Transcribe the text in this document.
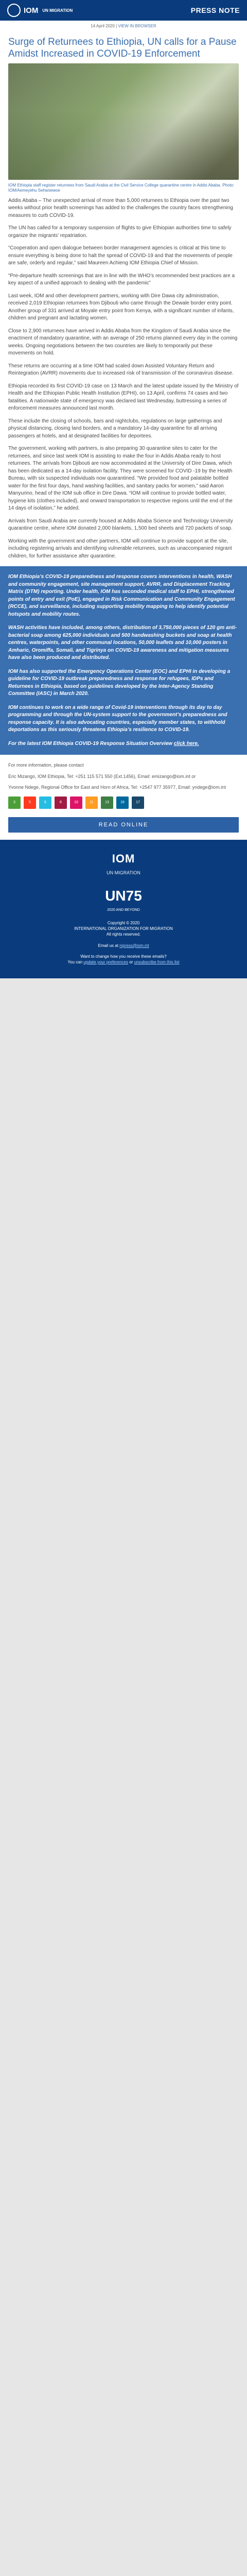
IOM UN MIGRATION	PRESS NOTE
14 April 2020 | VIEW IN BROWSER
Surge of Returnees to Ethiopia, UN calls for a Pause Amidst Increased in COVID-19 Enforcement
IOM Ethiopia staff register returnees from Saudi Arabia at the Civil Service College quarantine centre in Addis Ababa. Photo: IOM/Aemeyehu Sehwsewoe

Addis Ababa – The unexpected arrival of more than 5,000 returnees to Ethiopia over the past two weeks without prior health screenings has added to the challenges the country faces strengthening measures to curb COVID-19.

The UN has called for a temporary suspension of flights to give Ethiopian authorities time to safely organize the migrants' repatriation.

“Cooperation and open dialogue between border management agencies is critical at this time to ensure everything is being done to halt the spread of COVID-19 and that the movements of people are safe, orderly and regular,” said Maureen Achieng IOM Ethiopia Chief of Mission.

“Pre-departure health screenings that are in line with the WHO’s recommended best practices are a key aspect of a unified approach to dealing with the pandemic”

Last week, IOM and other development partners, working with Dire Dawa city administration, received 2,019 Ethiopian returnees from Djibouti who came through the Dewale border entry point. Another group of 331 arrived at Moyale entry point from Kenya, with a significant number of infants, children and pregnant and lactating women.

Close to 2,900 returnees have arrived in Addis Ababa from the Kingdom of Saudi Arabia since the enactment of mandatory quarantine, with an average of 250 returns planned every day in the coming weeks. Ongoing negotiations between the two countries are likely to temporarily put these movements on hold.

These returns are occurring at a time IOM had scaled down Assisted Voluntary Return and Reintegration (AVRR) movements due to increased risk of transmission of the coronavirus disease.

Ethiopia recorded its first COVID-19 case on 13 March and the latest update issued by the Ministry of Health and the Ethiopian Public Health Institution (EPHI), on 13 April, confirms 74 cases and two fatalities. A nationwide state of emergency was declared last Wednesday, buttressing a series of enforcement measures announced last month.

These include the closing of schools, bars and nightclubs, regulations on large gatherings and physical distancing, closing land borders, and a mandatory 14-day quarantine for all arriving passengers at hotels, and at designated facilities for deportees.

The government, working with partners, is also preparing 30 quarantine sites to cater for the returnees, and since last week IOM is assisting to make the four in Addis Ababa ready to host returnees. The arrivals from Djibouti are now accommodated at the University of Dire Dawa, which has been dedicated as a 14-day isolation facility. They were screened for COVID -19 by the Health Bureau, with six suspected individuals now quarantined. “We provided food and palatable bottled water for the first four days, hand washing facilities, and sanitary packs for women,” said Aaron Manyurino, head of the IOM sub office in Dire Dawa. “IOM will continue to provide bottled water, hygiene kits (clothes included), and onward transportation to respective regions until the end of the 14 days of isolation,” he added.

Arrivals from Saudi Arabia are currently housed at Addis Ababa Science and Technology University quarantine centre, where IOM donated 2,000 blankets, 1,500 bed sheets and 720 packets of soap.

Working with the government and other partners, IOM will continue to provide support at the site, including registering arrivals and identifying vulnerable returnees, such as unaccompanied migrant children, for further assistance after quarantine.

IOM Ethiopia’s COVID-19 preparedness and response covers interventions in health, WASH and community engagement, site management support, AVRR, and Displacement Tracking Matrix (DTM) reporting. Under health, IOM has seconded medical staff to EPHI, strengthened points of entry and exit (PoE), engaged in Risk Communication and Community Engagement (RCCE), and surveillance, including supporting mobility mapping to help identify potential hotspots and mobility routes.

WASH activities have included, among others, distribution of 3,750,000 pieces of 120 gm anti-bacterial soap among 625,000 individuals and 500 handwashing buckets and soap at health centres, waterpoints, and other communal locations, 50,000 leaflets and 10,000 posters in Amharic, Oromiffa, Somali, and Tigrinya on COVID-19 awareness and mitigation measures have also been produced and distributed.

IOM has also supported the Emergency Operations Center (EOC) and EPHI in developing a guideline for COVID-19 outbreak preparedness and response for refugees, IDPs and Returnees in Ethiopia, based on guidelines developed by the Inter-Agency Standing Committee (IASC) in March 2020.

IOM continues to work on a wide range of Covid-19 interventions through its day to day programming and through the UN-system support to the government’s preparedness and response capacity. It is also advocating countries, especially member states, to withhold deportations as this seriously threatens Ethiopia’s resilience to COVID-19.

For the latest IOM Ethiopia COVID-19 Response Situation Overview click here.

For more information, please contact
Eric Mizango, IOM Ethiopia, Tel: +251 115 571 550 (Ext.1456), Email: emizango@iom.int or
Yvonne Ndege, Regional Office for East and Horn of Africa, Tel: +2547 977 35977, Email: yndege@iom.int
3	5	6	8	10	11	13	16	17
READ ONLINE
IOM
UN MIGRATION
UN75
2020 AND BEYOND
Copyright © 2020
INTERNATIONAL ORGANIZATION FOR MIGRATION
All rights reserved.
Email us at nipress@iom.int
Want to change how you receive these emails?
You can update your preferences or unsubscribe from this list
